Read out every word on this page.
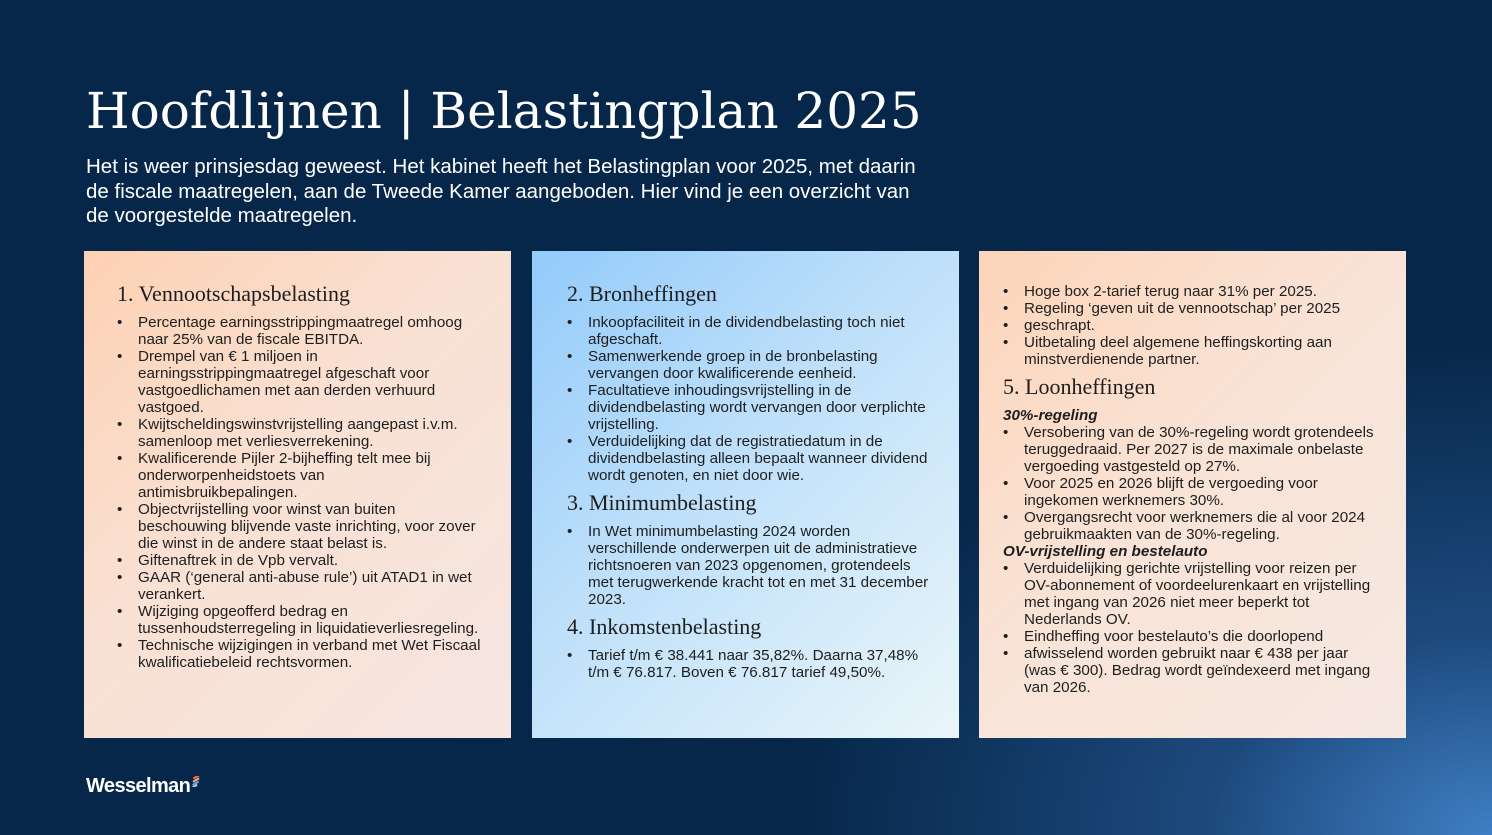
Hoofdlijnen | Belastingplan 2025

Het is weer prinsjesdag geweest. Het kabinet heeft het Belastingplan voor 2025, met daarin de fiscale maatregelen, aan de Tweede Kamer aangeboden. Hier vind je een overzicht van de voorgestelde maatregelen.

1. Vennootschapsbelasting
• Percentage earningsstrippingmaatregel omhoog naar 25% van de fiscale EBITDA.
• Drempel van € 1 miljoen in earningsstrippingmaatregel afgeschaft voor vastgoedlichamen met aan derden verhuurd vastgoed.
• Kwijtscheldingswinstvrijstelling aangepast i.v.m. samenloop met verliesverrekening.
• Kwalificerende Pijler 2-bijheffing telt mee bij onderworpenheidstoets van antimisbruikbepalingen.
• Objectvrijstelling voor winst van buiten beschouwing blijvende vaste inrichting, voor zover die winst in de andere staat belast is.
• Giftenaftrek in de Vpb vervalt.
• GAAR (‘general anti-abuse rule’) uit ATAD1 in wet verankert.
• Wijziging opgeofferd bedrag en tussenhoudsterregeling in liquidatieverliesregeling.
• Technische wijzigingen in verband met Wet Fiscaal kwalificatiebeleid rechtsvormen.
2. Bronheffingen
• Inkoopfaciliteit in de dividendbelasting toch niet afgeschaft.
• Samenwerkende groep in de bronbelasting vervangen door kwalificerende eenheid.
• Facultatieve inhoudingsvrijstelling in de dividendbelasting wordt vervangen door verplichte vrijstelling.
• Verduidelijking dat de registratiedatum in de dividendbelasting alleen bepaalt wanneer dividend wordt genoten, en niet door wie.
3. Minimumbelasting
• In Wet minimumbelasting 2024 worden verschillende onderwerpen uit de administratieve richtsnoeren van 2023 opgenomen, grotendeels met terugwerkende kracht tot en met 31 december 2023.
4. Inkomstenbelasting
• Tarief t/m € 38.441 naar 35,82%. Daarna 37,48% t/m € 76.817. Boven € 76.817 tarief 49,50%.
• Hoge box 2-tarief terug naar 31% per 2025.
• Regeling ‘geven uit de vennootschap’ per 2025
• geschrapt.
• Uitbetaling deel algemene heffingskorting aan minstverdienende partner.
5. Loonheffingen

30%-regeling

• Versobering van de 30%-regeling wordt grotendeels teruggedraaid. Per 2027 is de maximale onbelaste vergoeding vastgesteld op 27%.
• Voor 2025 en 2026 blijft de vergoeding voor ingekomen werknemers 30%.
• Overgangsrecht voor werknemers die al voor 2024 gebruikmaakten van de 30%-regeling.

OV-vrijstelling en bestelauto

• Verduidelijking gerichte vrijstelling voor reizen per OV-abonnement of voordeelurenkaart en vrijstelling met ingang van 2026 niet meer beperkt tot Nederlands OV.
• Eindheffing voor bestelauto’s die doorlopend
• afwisselend worden gebruikt naar € 438 per jaar (was € 300). Bedrag wordt geïndexeerd met ingang van 2026.
Wesselman
